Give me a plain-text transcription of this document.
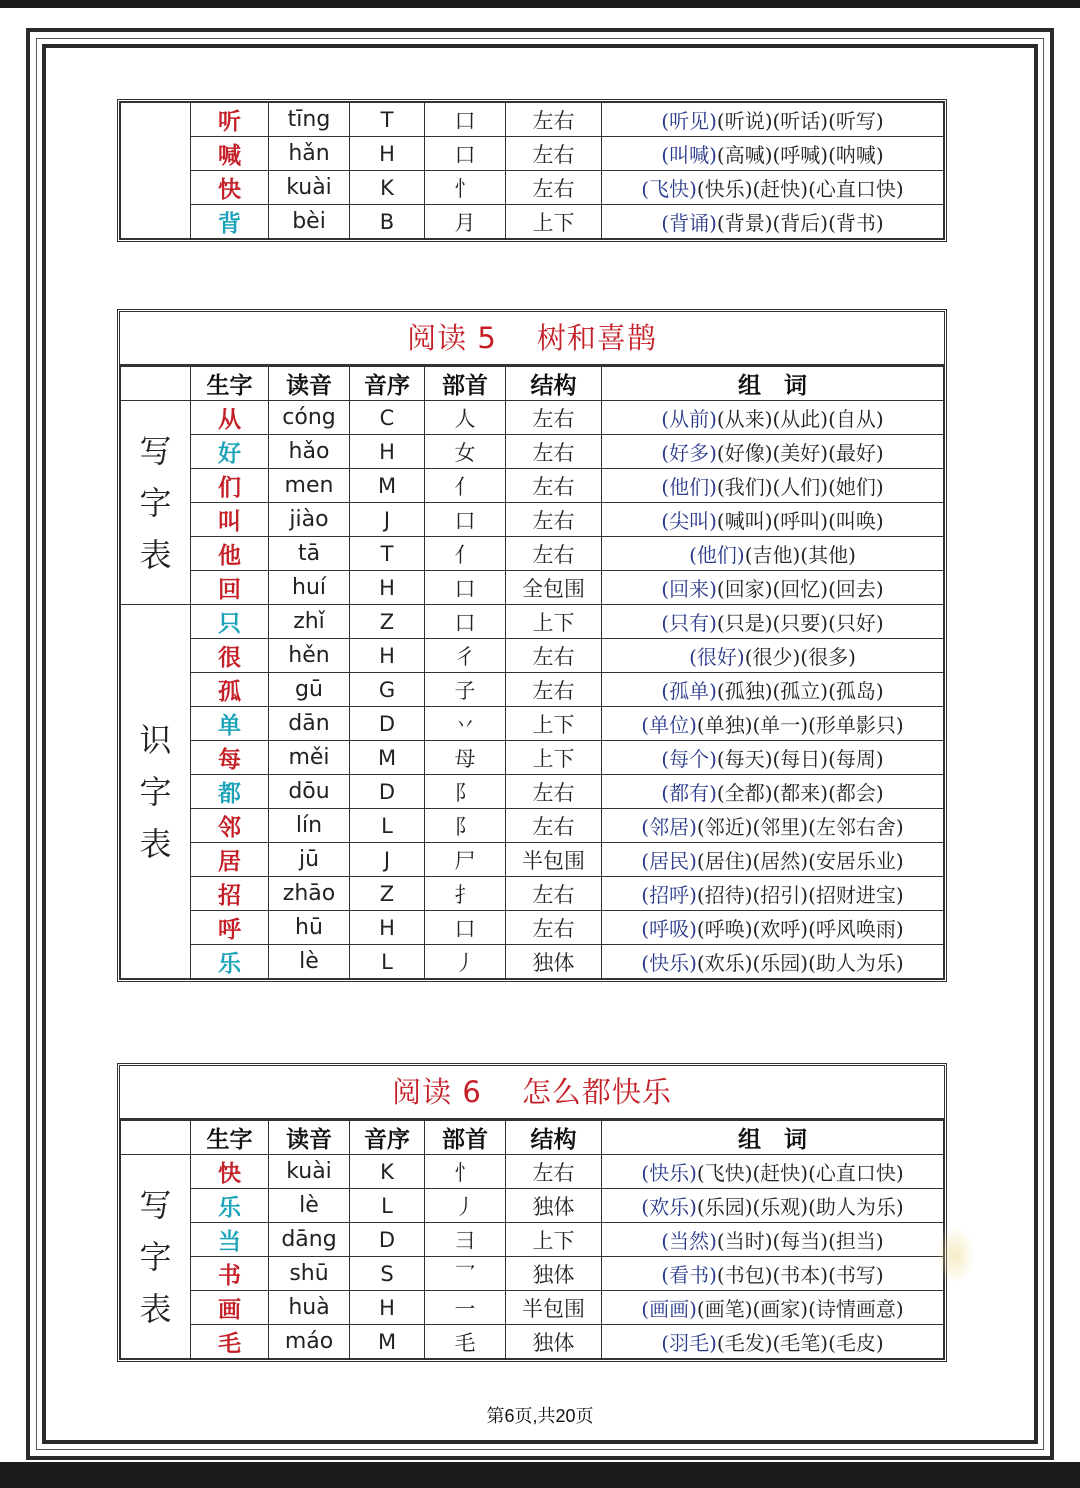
	听	tīng	T	口	左右	(听见)(听说)(听话)(听写)
	喊	hǎn	H	口	左右	(叫喊)(高喊)(呼喊)(呐喊)
	快	kuài	K	忄	左右	(飞快)(快乐)(赶快)(心直口快)
	背	bèi	B	月	上下	(背诵)(背景)(背后)(背书)
阅读 5 树和喜鹊
	生字	读音	音序	部首	结构	组　词

写
字
表	从	cóng	C	人	左右	(从前)(从来)(从此)(自从)
	好	hǎo	H	女	左右	(好多)(好像)(美好)(最好)
	们	men	M	亻	左右	(他们)(我们)(人们)(她们)
	叫	jiào	J	口	左右	(尖叫)(喊叫)(呼叫)(叫唤)
	他	tā	T	亻	左右	(他们)(吉他)(其他)
	回	huí	H	口	全包围	(回来)(回家)(回忆)(回去)

识
字
表	只	zhǐ	Z	口	上下	(只有)(只是)(只要)(只好)
	很	hěn	H	彳	左右	(很好)(很少)(很多)
	孤	gū	G	子	左右	(孤单)(孤独)(孤立)(孤岛)
	单	dān	D	丷	上下	(单位)(单独)(单一)(形单影只)
	每	měi	M	母	上下	(每个)(每天)(每日)(每周)
	都	dōu	D	阝	左右	(都有)(全都)(都来)(都会)
	邻	lín	L	阝	左右	(邻居)(邻近)(邻里)(左邻右舍)
	居	jū	J	尸	半包围	(居民)(居住)(居然)(安居乐业)
	招	zhāo	Z	扌	左右	(招呼)(招待)(招引)(招财进宝)
	呼	hū	H	口	左右	(呼吸)(呼唤)(欢呼)(呼风唤雨)
	乐	lè	L	丿	独体	(快乐)(欢乐)(乐园)(助人为乐)
阅读 6 怎么都快乐
	生字	读音	音序	部首	结构	组　词

写
字
表	快	kuài	K	忄	左右	(快乐)(飞快)(赶快)(心直口快)
	乐	lè	L	丿	独体	(欢乐)(乐园)(乐观)(助人为乐)
	当	dāng	D	彐	上下	(当然)(当时)(每当)(担当)
	书	shū	S	乛	独体	(看书)(书包)(书本)(书写)
	画	huà	H	一	半包围	(画画)(画笔)(画家)(诗情画意)
	毛	máo	M	毛	独体	(羽毛)(毛发)(毛笔)(毛皮)
第6页,共20页
